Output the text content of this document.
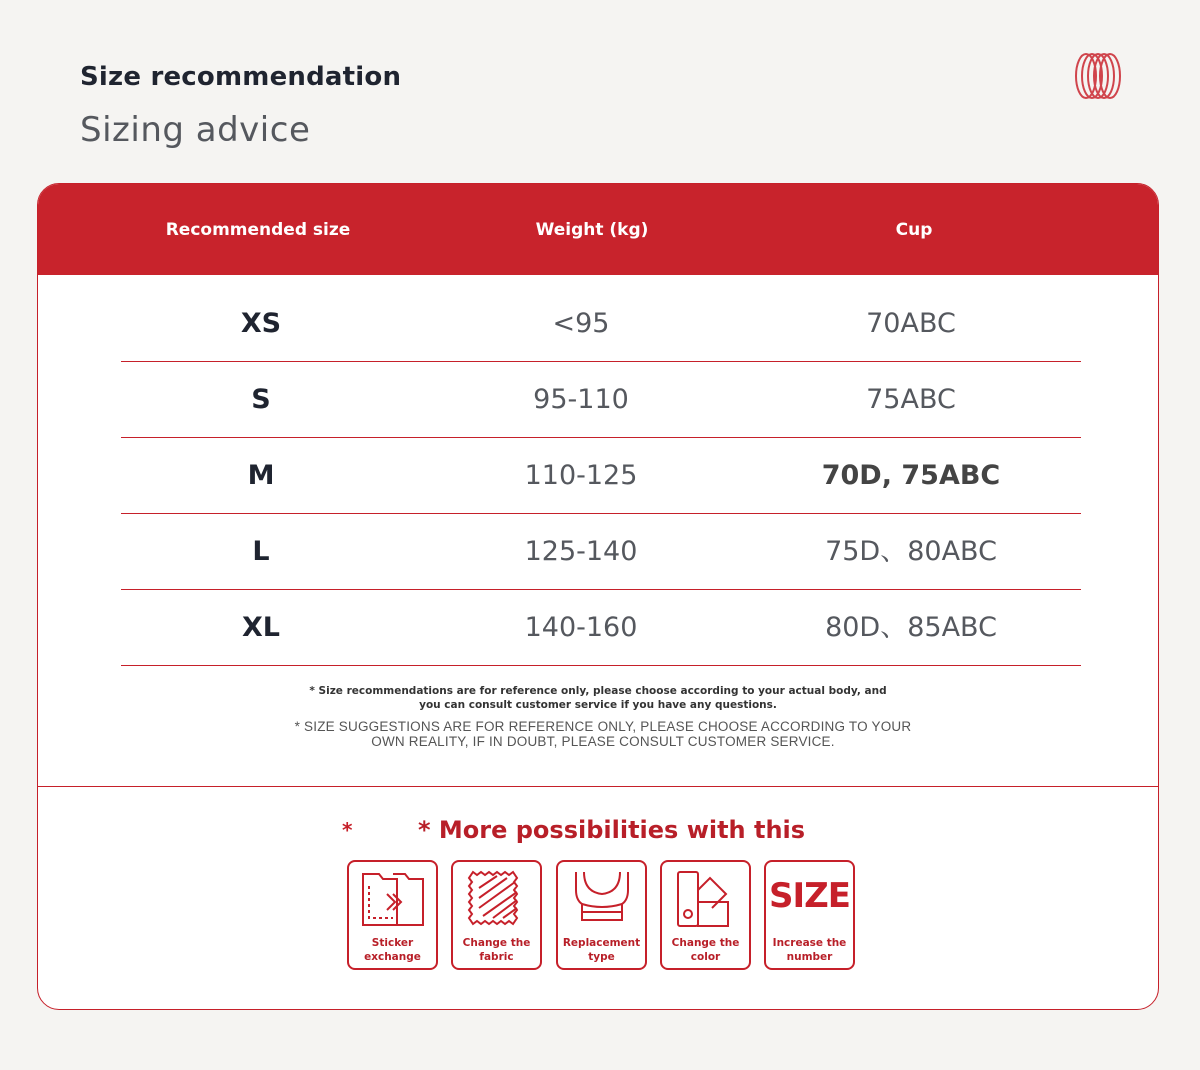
Size recommendation
Sizing advice
Recommended size	Weight (kg)	Cup
XS	<95	70ABC
S	95-110	75ABC
M	110-125	70D, 75ABC
L	125-140	75D、80ABC
XL	140-160	80D、85ABC
* Size recommendations are for reference only, please choose according to your actual body, and you can consult customer service if you have any questions.
* SIZE SUGGESTIONS ARE FOR REFERENCE ONLY, PLEASE CHOOSE ACCORDING TO YOUR OWN REALITY, IF IN DOUBT, PLEASE CONSULT CUSTOMER SERVICE.
*	* More possibilities with this
Sticker exchange
Change the fabric
Replacement type
Change the color
SIZE
Increase the number
